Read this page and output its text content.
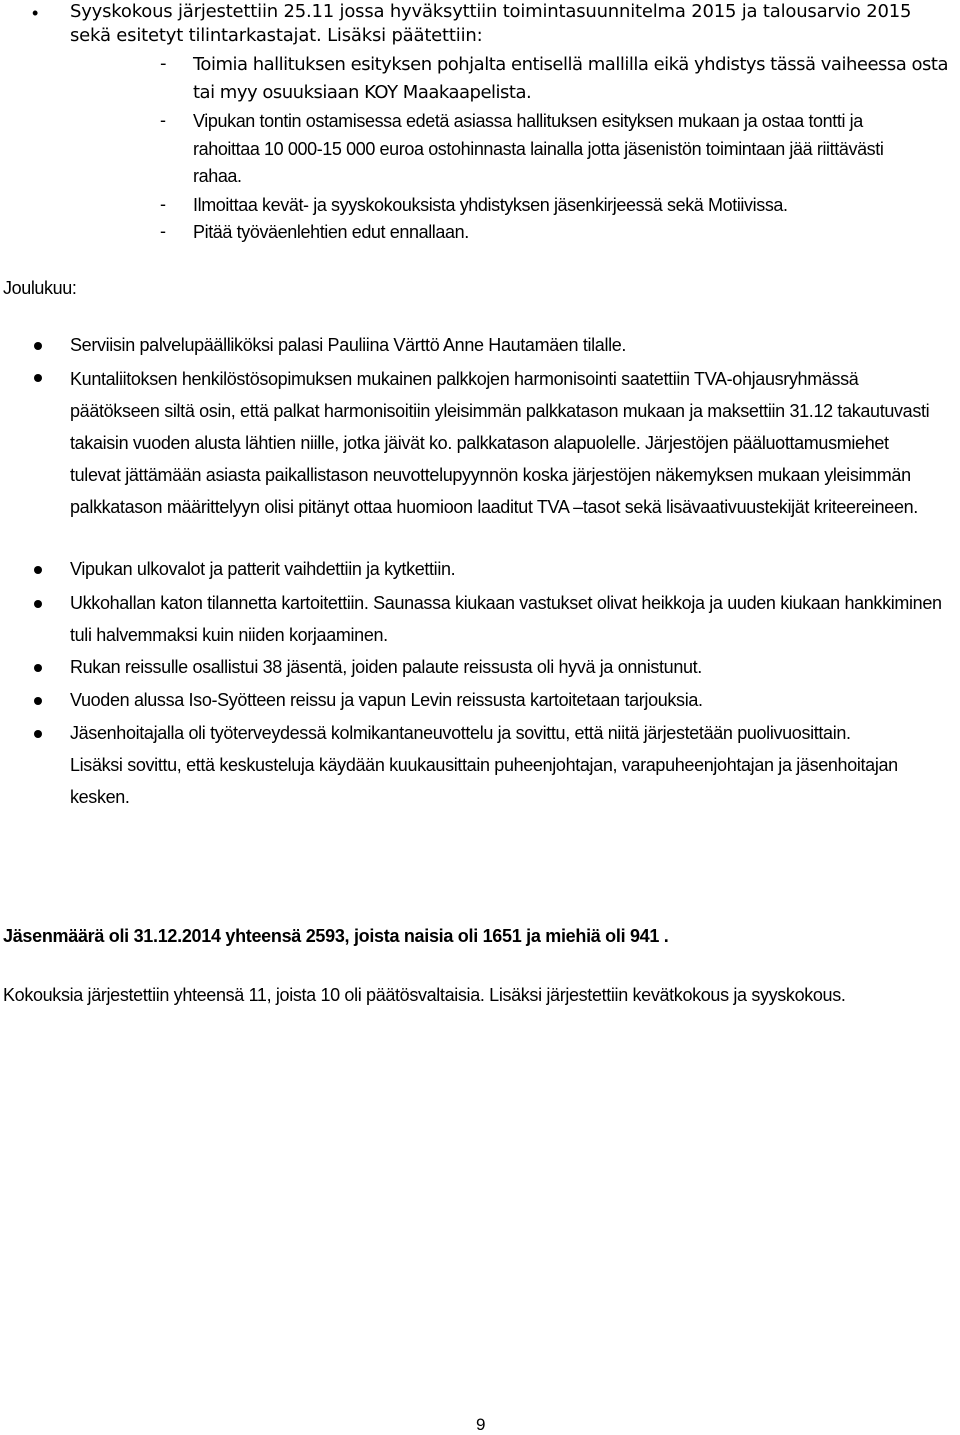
• Syyskokous järjestettiin 25.11 jossa hyväksyttiin toimintasuunnitelma 2015 ja talousarvio 2015 sekä esitetyt tilintarkastajat. Lisäksi päätettiin:
- Toimia hallituksen esityksen pohjalta entisellä mallilla eikä yhdistys tässä vaiheessa osta tai myy osuuksiaan KOY Maakaapelista.
- Vipukan tontin ostamisessa edetä asiassa hallituksen esityksen mukaan ja ostaa tontti ja rahoittaa 10 000-15 000 euroa ostohinnasta lainalla jotta jäsenistön toimintaan jää riittävästi rahaa.
- Ilmoittaa kevät- ja syyskokouksista yhdistyksen jäsenkirjeessä sekä Motiivissa.
- Pitää työväenlehtien edut ennallaan.
Joulukuu:
Serviisin palvelupäälliköksi palasi Pauliina Värttö Anne Hautamäen tilalle.
Kuntaliitoksen henkilöstösopimuksen mukainen palkkojen harmonisointi saatettiin TVA-ohjausryhmässä päätökseen siltä osin, että palkat harmonisoitiin yleisimmän palkkatason mukaan ja maksettiin 31.12 takautuvasti takaisin vuoden alusta lähtien niille, jotka jäivät ko. palkkatason alapuolelle. Järjestöjen pääluottamusmiehet tulevat jättämään asiasta paikallistason neuvottelupyynnön koska järjestöjen näkemyksen mukaan yleisimmän palkkatason määrittelyyn olisi pitänyt ottaa huomioon laaditut TVA –tasot sekä lisävaativuustekijät kriteereineen.
Vipukan ulkovalot ja patterit vaihdettiin ja kytkettiin.
Ukkohallan katon tilannetta kartoitettiin. Saunassa kiukaan vastukset olivat heikkoja ja uuden kiukaan hankkiminen tuli halvemmaksi kuin niiden korjaaminen.
Rukan reissulle osallistui 38 jäsentä, joiden palaute reissusta oli hyvä ja onnistunut.
Vuoden alussa Iso-Syötteen reissu ja vapun Levin reissusta kartoitetaan tarjouksia.
Jäsenhoitajalla oli työterveydessä kolmikantaneuvottelu ja sovittu, että niitä järjestetään puolivuosittain. Lisäksi sovittu, että keskusteluja käydään kuukausittain puheenjohtajan, varapuheenjohtajan ja jäsenhoitajan kesken.
Jäsenmäärä oli 31.12.2014 yhteensä 2593, joista naisia oli 1651 ja miehiä oli 941 .
Kokouksia järjestettiin yhteensä 11, joista 10 oli päätösvaltaisia. Lisäksi järjestettiin kevätkokous ja syyskokous.
9
